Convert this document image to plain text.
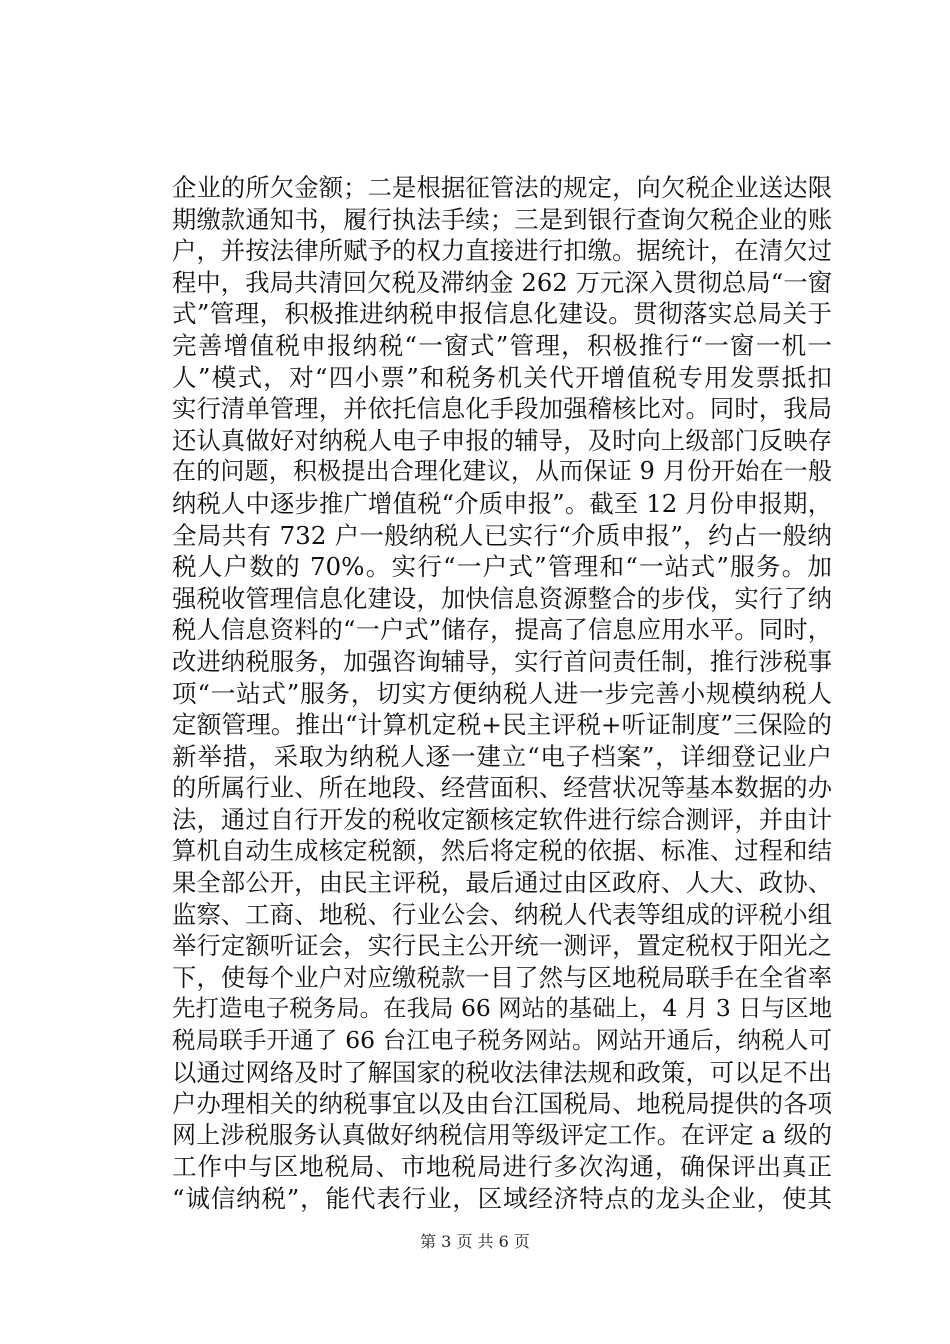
企业的所欠金额；二是根据征管法的规定，向欠税企业送达限
期缴款通知书，履行执法手续；三是到银行查询欠税企业的账
户，并按法律所赋予的权力直接进行扣缴。据统计，在清欠过
程中，我局共清回欠税及滞纳金 262 万元深入贯彻总局“一窗
式”管理，积极推进纳税申报信息化建设。贯彻落实总局关于
完善增值税申报纳税“一窗式”管理，积极推行“一窗一机一
人”模式，对“四小票”和税务机关代开增值税专用发票抵扣
实行清单管理，并依托信息化手段加强稽核比对。同时，我局
还认真做好对纳税人电子申报的辅导，及时向上级部门反映存
在的问题，积极提出合理化建议，从而保证 9 月份开始在一般
纳税人中逐步推广增值税“介质申报”。截至 12 月份申报期，
全局共有 732 户一般纳税人已实行“介质申报”，约占一般纳
税人户数的 70%。实行“一户式”管理和“一站式”服务。加
强税收管理信息化建设，加快信息资源整合的步伐，实行了纳
税人信息资料的“一户式”储存，提高了信息应用水平。同时，
改进纳税服务，加强咨询辅导，实行首问责任制，推行涉税事
项“一站式”服务，切实方便纳税人进一步完善小规模纳税人
定额管理。推出“计算机定税+民主评税+听证制度”三保险的
新举措，采取为纳税人逐一建立“电子档案”，详细登记业户
的所属行业、所在地段、经营面积、经营状况等基本数据的办
法，通过自行开发的税收定额核定软件进行综合测评，并由计
算机自动生成核定税额，然后将定税的依据、标准、过程和结
果全部公开，由民主评税，最后通过由区政府、人大、政协、
监察、工商、地税、行业公会、纳税人代表等组成的评税小组
举行定额听证会，实行民主公开统一测评，置定税权于阳光之
下，使每个业户对应缴税款一目了然与区地税局联手在全省率
先打造电子税务局。在我局 66 网站的基础上，4 月 3 日与区地
税局联手开通了 66 台江电子税务网站。网站开通后，纳税人可
以通过网络及时了解国家的税收法律法规和政策，可以足不出
户办理相关的纳税事宜以及由台江国税局、地税局提供的各项
网上涉税服务认真做好纳税信用等级评定工作。在评定 a 级的
工作中与区地税局、市地税局进行多次沟通，确保评出真正
“诚信纳税”，能代表行业，区域经济特点的龙头企业，使其
第 3 页 共 6 页
